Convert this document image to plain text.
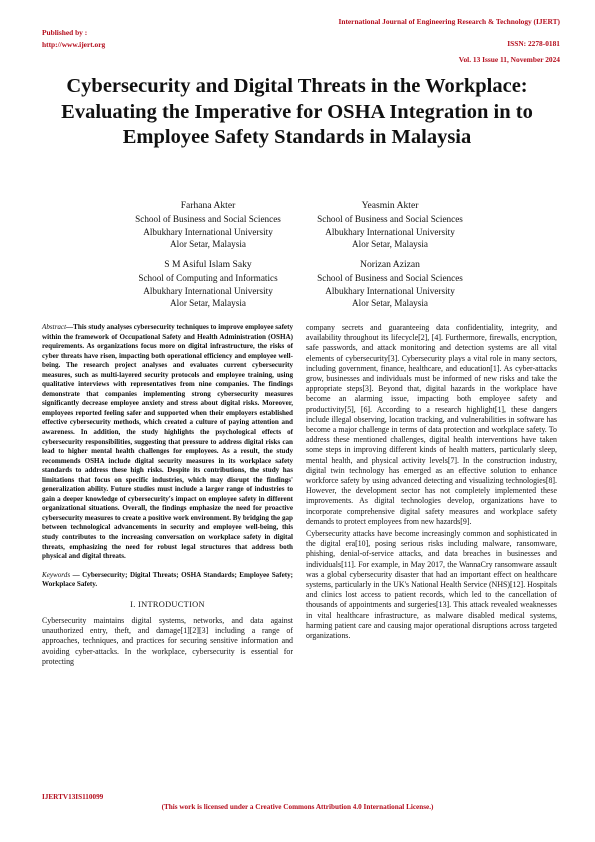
Published by :
http://www.ijert.org
International Journal of Engineering Research & Technology (IJERT)
ISSN: 2278-0181
Vol. 13 Issue 11, November 2024
Cybersecurity and Digital Threats in the Workplace: Evaluating the Imperative for OSHA Integration in to Employee Safety Standards in Malaysia
Farhana Akter
School of Business and Social Sciences
Albukhary International University
Alor Setar, Malaysia
Yeasmin Akter
School of Business and Social Sciences
Albukhary International University
Alor Setar, Malaysia
S M Asiful Islam Saky
School of Computing and Informatics
Albukhary International University
Alor Setar, Malaysia
Norizan Azizan
School of Business and Social Sciences
Albukhary International University
Alor Setar, Malaysia

Abstract—This study analyses cybersecurity techniques to improve employee safety within the framework of Occupational Safety and Health Administration (OSHA) requirements. As organizations focus more on digital infrastructure, the risks of cyber threats have risen, impacting both operational efficiency and employee well-being. The research project analyses and evaluates current cybersecurity measures, such as multi-layered security protocols and employee training, using qualitative interviews with representatives from nine companies. The findings demonstrate that companies implementing strong cybersecurity measures significantly decrease employee anxiety and stress about digital risks. Moreover, employees reported feeling safer and supported when their employers established effective cybersecurity methods, which created a culture of paying attention and awareness. In addition, the study highlights the psychological effects of cybersecurity responsibilities, suggesting that pressure to address digital risks can lead to higher mental health challenges for employees. As a result, the study recommends OSHA include digital security measures in its workplace safety standards to address these high risks. Despite its contributions, the study has limitations that focus on specific industries, which may disrupt the findings' generalization ability. Future studies must include a larger range of industries to gain a deeper knowledge of cybersecurity's impact on employee safety in different organizational situations. Overall, the findings emphasize the need for proactive cybersecurity measures to create a positive work environment. By bridging the gap between technological advancements in security and employee well-being, this study contributes to the increasing conversation on workplace safety in digital threats, emphasizing the need for robust legal structures that address both physical and digital threats.

Keywords — Cybersecurity; Digital Threats; OSHA Standards; Employee Safety; Workplace Safety.

I. INTRODUCTION

Cybersecurity maintains digital systems, networks, and data against unauthorized entry, theft, and damage[1][2][3] including a range of approaches, techniques, and practices for securing sensitive information and avoiding cyber-attacks. In the workplace, cybersecurity is essential for protecting

company secrets and guaranteeing data confidentiality, integrity, and availability throughout its lifecycle[2], [4]. Furthermore, firewalls, encryption, safe passwords, and attack monitoring and detection systems are all vital elements of cybersecurity[3]. Cybersecurity plays a vital role in many sectors, including government, finance, healthcare, and education[1]. As cyber-attacks grow, businesses and individuals must be informed of new risks and take the appropriate steps[3]. Beyond that, digital hazards in the workplace have become an alarming issue, impacting both employee safety and productivity[5], [6]. According to a research highlight[1], these dangers include illegal observing, location tracking, and vulnerabilities in software has become a major challenge in terms of data protection and workplace safety. To address these mentioned challenges, digital health interventions have taken some steps in improving different kinds of health matters, particularly sleep, mental health, and physical activity levels[7]. In the construction industry, digital twin technology has emerged as an effective solution to enhance workforce safety by using advanced detecting and visualizing technologies[8]. However, the development sector has not completely implemented these improvements. As digital technologies develop, organizations have to incorporate comprehensive digital safety measures and workplace safety demands to protect employees from new hazards[9].

Cybersecurity attacks have become increasingly common and sophisticated in the digital era[10], posing serious risks including malware, ransomware, phishing, denial-of-service attacks, and data breaches in businesses and individuals[11]. For example, in May 2017, the WannaCry ransomware assault was a global cybersecurity disaster that had an important effect on healthcare systems, particularly in the UK's National Health Service (NHS)[12]. Hospitals and clinics lost access to patient records, which led to the cancellation of thousands of appointments and surgeries[13]. This attack revealed weaknesses in vital healthcare infrastructure, as malware disabled medical systems, harming patient care and causing major operational disruptions across targeted organizations.

IJERTV13IS110099
(This work is licensed under a Creative Commons Attribution 4.0 International License.)
